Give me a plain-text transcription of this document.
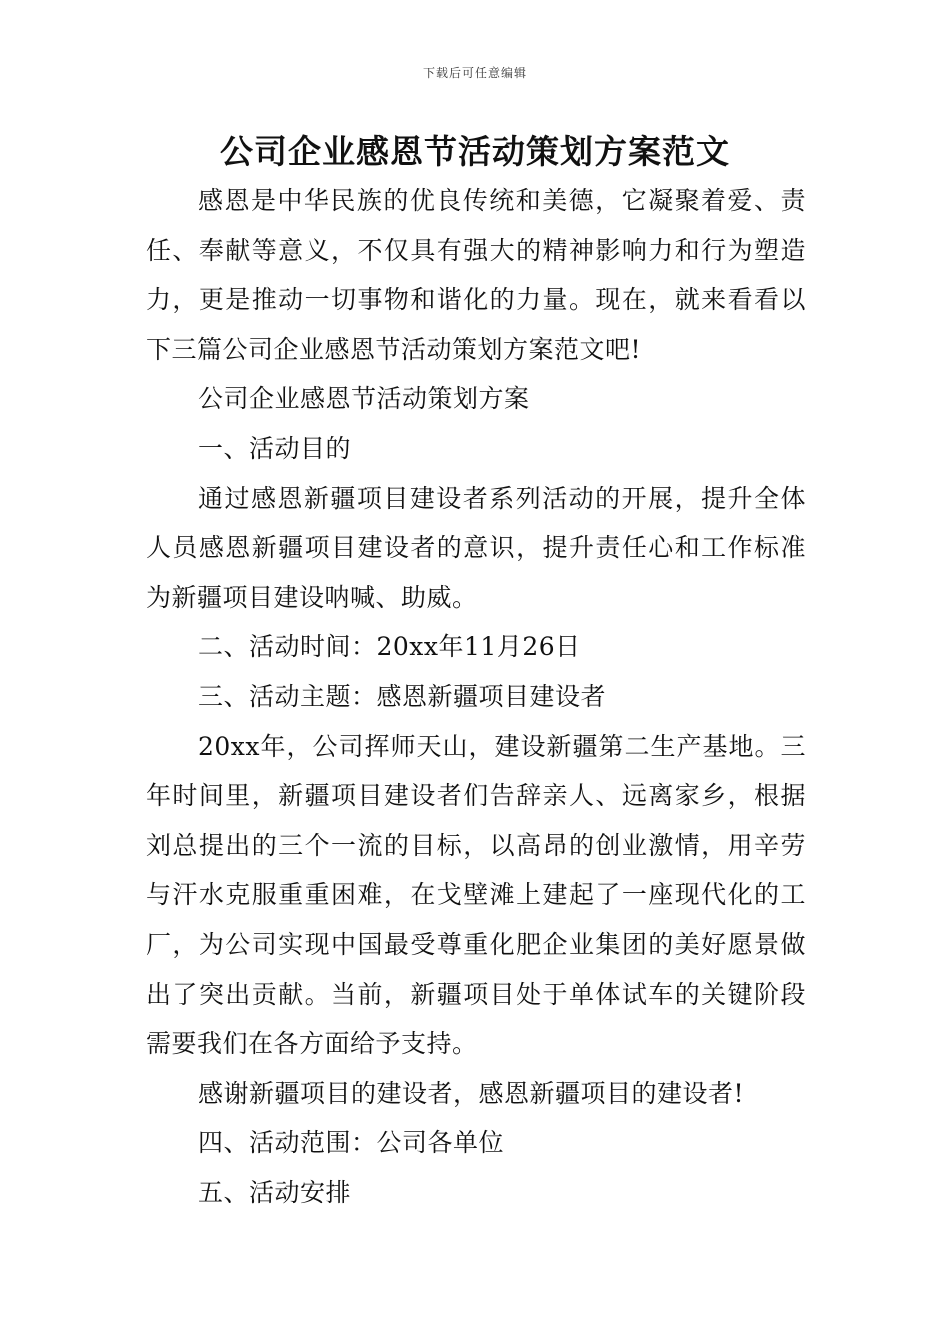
下载后可任意编辑
公司企业感恩节活动策划方案范文

感恩是中华民族的优良传统和美德，它凝聚着爱、责任、奉献等意义，不仅具有强大的精神影响力和行为塑造力，更是推动一切事物和谐化的力量。现在，就来看看以下三篇公司企业感恩节活动策划方案范文吧!

公司企业感恩节活动策划方案

一、活动目的

通过感恩新疆项目建设者系列活动的开展，提升全体人员感恩新疆项目建设者的意识，提升责任心和工作标准为新疆项目建设呐喊、助威。

二、活动时间：20xx年11月26日

三、活动主题：感恩新疆项目建设者

20xx年，公司挥师天山，建设新疆第二生产基地。三年时间里，新疆项目建设者们告辞亲人、远离家乡，根据刘总提出的三个一流的目标，以高昂的创业激情，用辛劳与汗水克服重重困难，在戈壁滩上建起了一座现代化的工厂，为公司实现中国最受尊重化肥企业集团的美好愿景做出了突出贡献。当前，新疆项目处于单体试车的关键阶段需要我们在各方面给予支持。

感谢新疆项目的建设者，感恩新疆项目的建设者!

四、活动范围：公司各单位

五、活动安排
